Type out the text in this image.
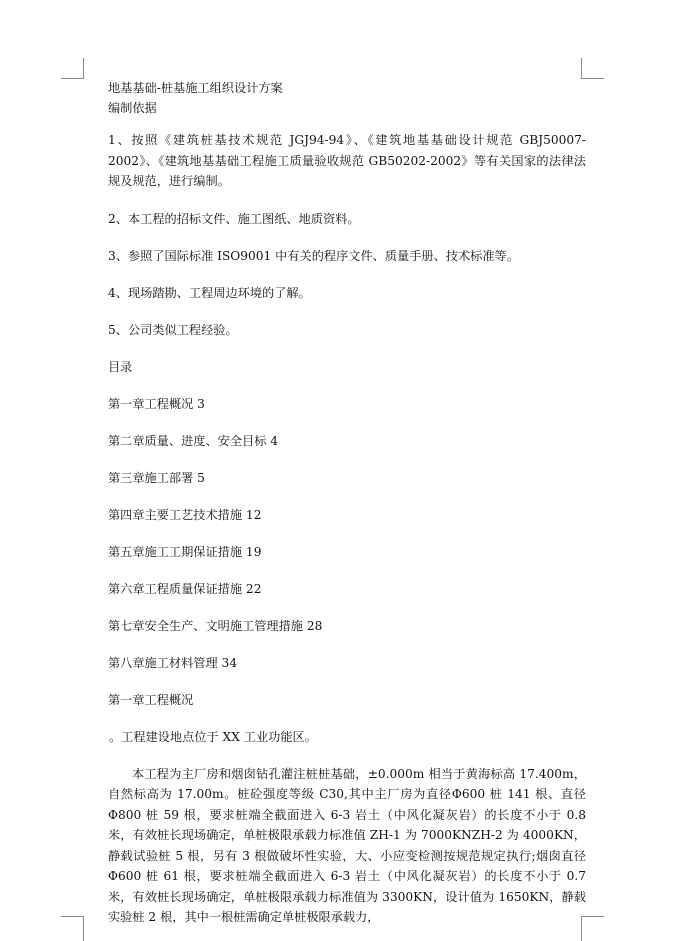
地基基础-桩基施工组织设计方案
编制依据
1、按照《建筑桩基技术规范 JGJ94-94》、《建筑地基基础设计规范 GBJ50007-2002》、《建筑地基基础工程施工质量验收规范 GB50202-2002》等有关国家的法律法规及规范，进行编制。
2、本工程的招标文件、施工图纸、地质资料。
3、参照了国际标准 ISO9001 中有关的程序文件、质量手册、技术标准等。
4、现场踏勘、工程周边环境的了解。
5、公司类似工程经验。
目录
第一章工程概况 3
第二章质量、进度、安全目标 4
第三章施工部署 5
第四章主要工艺技术措施 12
第五章施工工期保证措施 19
第六章工程质量保证措施 22
第七章安全生产、文明施工管理措施 28
第八章施工材料管理 34
第一章工程概况
。工程建设地点位于 XX 工业功能区。
本工程为主厂房和烟囱钻孔灌注桩桩基础，±0.000m 相当于黄海标高 17.400m，自然标高为 17.00m。桩砼强度等级 C30,其中主厂房为直径Φ600 桩 141 根、直径Φ800 桩 59 根，要求桩端全截面进入 6-3 岩土（中风化凝灰岩）的长度不小于 0.8 米，有效桩长现场确定，单桩极限承载力标准值 ZH-1 为 7000KNZH-2 为 4000KN，静载试验桩 5 根，另有 3 根做破坏性实验，大、小应变检测按规范规定执行;烟囱直径Φ600 桩 61 根，要求桩端全截面进入 6-3 岩土（中风化凝灰岩）的长度不小于 0.7 米，有效桩长现场确定，单桩极限承载力标准值为 3300KN，设计值为 1650KN，静载实验桩 2 根，其中一根桩需确定单桩极限承载力，
